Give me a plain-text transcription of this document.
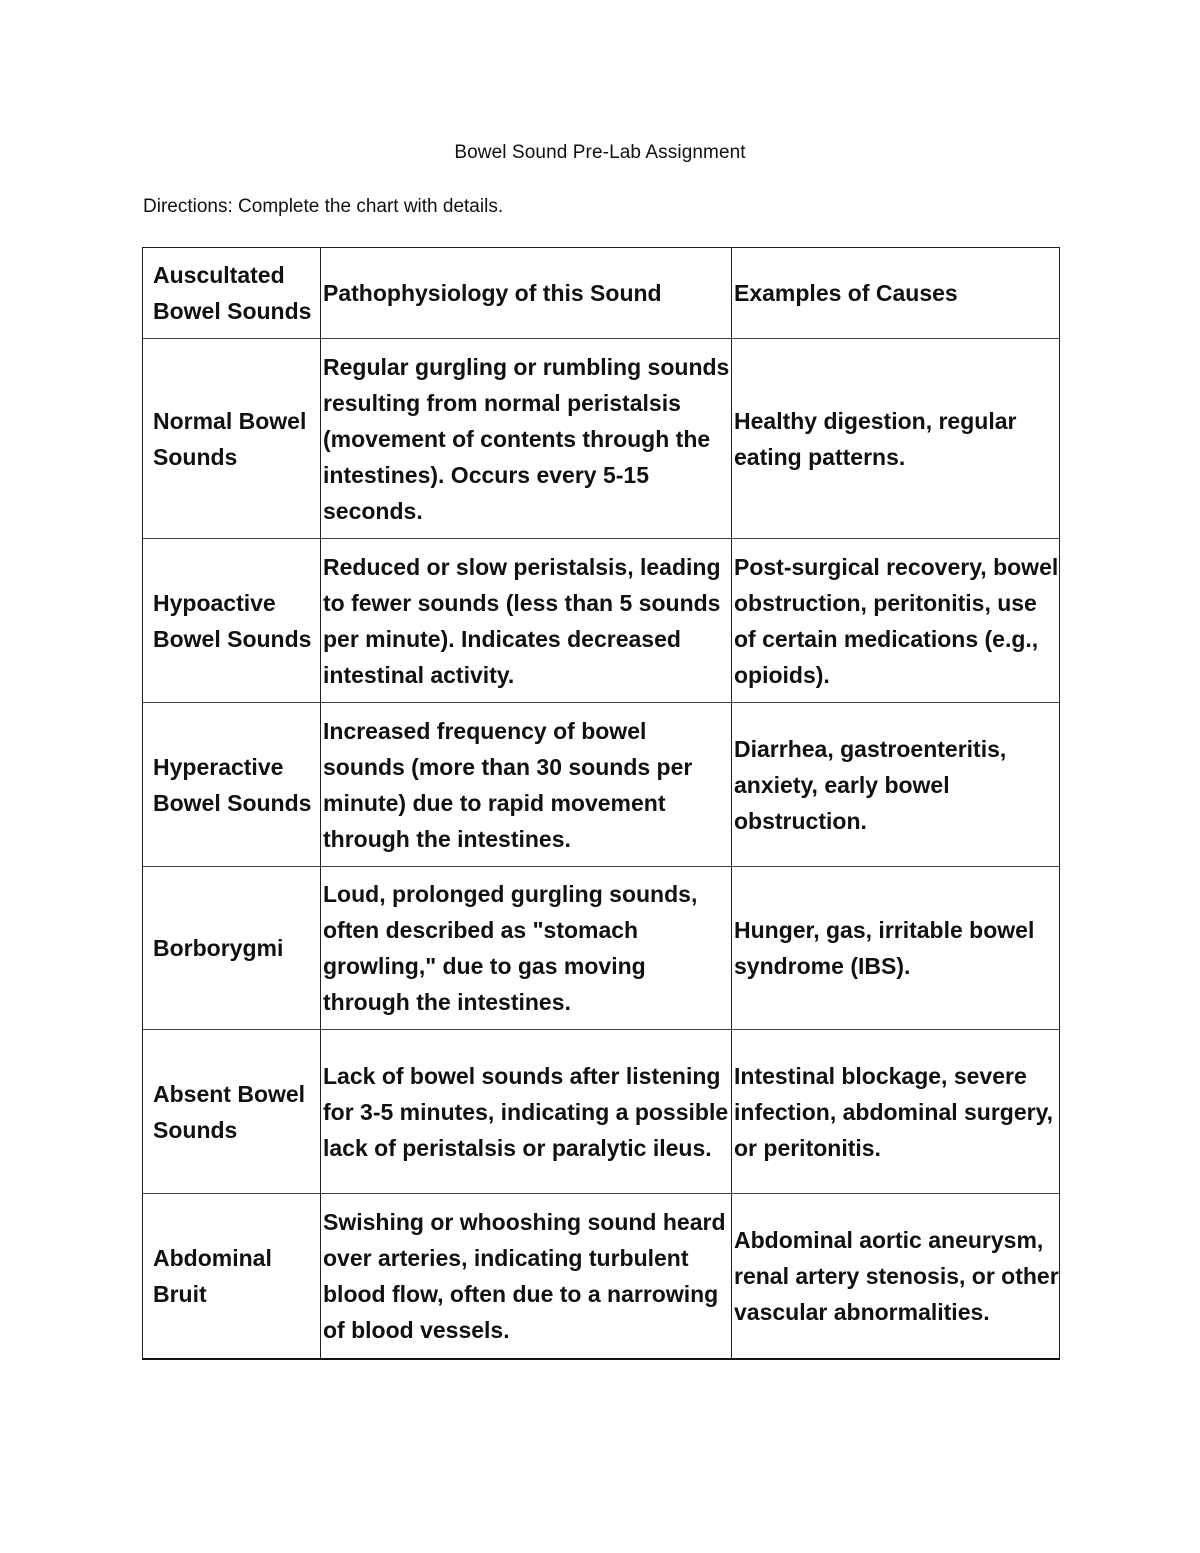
Bowel Sound Pre-Lab Assignment
Directions: Complete the chart with details.
Auscultated Bowel Sounds	Pathophysiology of this Sound	Examples of Causes
Normal Bowel Sounds	Regular gurgling or rumbling sounds resulting from normal peristalsis (movement of contents through the intestines). Occurs every 5-15 seconds.	Healthy digestion, regular eating patterns.
Hypoactive Bowel Sounds	Reduced or slow peristalsis, leading to fewer sounds (less than 5 sounds per minute). Indicates decreased intestinal activity.	Post-surgical recovery, bowel obstruction, peritonitis, use of certain medications (e.g., opioids).
Hyperactive Bowel Sounds	Increased frequency of bowel sounds (more than 30 sounds per minute) due to rapid movement through the intestines.	Diarrhea, gastroenteritis, anxiety, early bowel obstruction.
Borborygmi	Loud, prolonged gurgling sounds, often described as "stomach growling," due to gas moving through the intestines.	Hunger, gas, irritable bowel syndrome (IBS).
Absent Bowel Sounds	Lack of bowel sounds after listening for 3-5 minutes, indicating a possible lack of peristalsis or paralytic ileus.	Intestinal blockage, severe infection, abdominal surgery, or peritonitis.
Abdominal Bruit	Swishing or whooshing sound heard over arteries, indicating turbulent blood flow, often due to a narrowing of blood vessels.	Abdominal aortic aneurysm, renal artery stenosis, or other vascular abnormalities.
